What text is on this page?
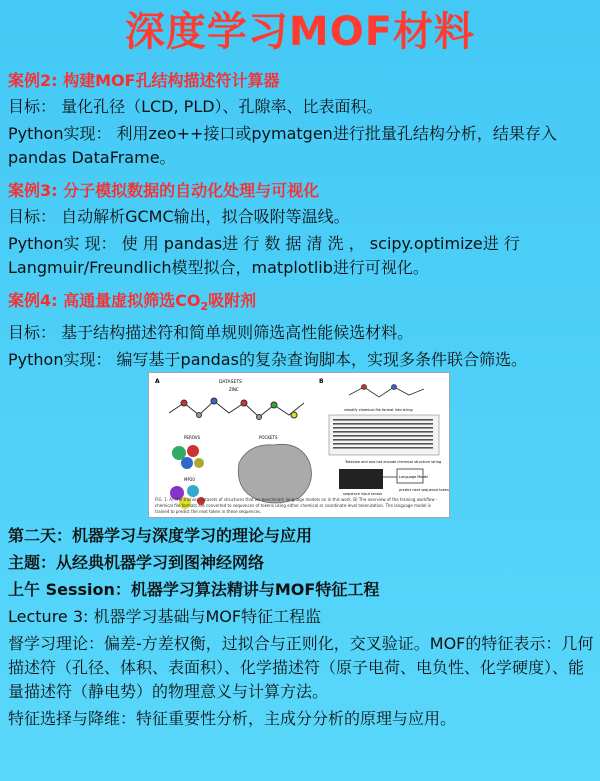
深度学习MOF材料
案例2: 构建MOF孔结构描述符计算器
目标： 量化孔径（LCD, PLD）、孔隙率、比表面积。
Python实现： 利用zeo++接口或pymatgen进行批量孔结构分析，结果存入pandas DataFrame。
案例3: 分子模拟数据的自动化处理与可视化
目标： 自动解析GCMC输出，拟合吸附等温线。
Python实 现： 使 用 pandas进 行 数 据 清 洗 ， scipy.optimize进 行Langmuir/Freundlich模型拟合，matplotlib进行可视化。
案例4: 高通量虚拟筛选$CO_2$吸附剂
目标： 基于结构描述符和简单规则筛选高性能候选材料。
Python实现： 编写基于pandas的复杂查询脚本，实现多条件联合筛选。
A	B
DATASETS
ZINC
PEROVS
MP20
POCKETS
simplify chemical file format into string
Tokenize and one-hot encode chemical structure string
Language Model
sequence input tensor
predict next sequence token
FIG. 1. A) The training datasets of structures that we benchmark language models on in this work. B) The overview of the training workflow - chemical file formats are converted to sequences of tokens using either chemical or coordinate-level tokenization. The language model is trained to predict the next token in these sequences.
第二天：机器学习与深度学习的理论与应用
主题：从经典机器学习到图神经网络
上午 Session：机器学习算法精讲与MOF特征工程
Lecture 3: 机器学习基础与MOF特征工程监
督学习理论：偏差-方差权衡，过拟合与正则化，交叉验证。MOF的特征表示：几何描述符（孔径、体积、表面积）、化学描述符（原子电荷、电负性、化学硬度）、能量描述符（静电势）的物理意义与计算方法。
特征选择与降维：特征重要性分析，主成分分析的原理与应用。
